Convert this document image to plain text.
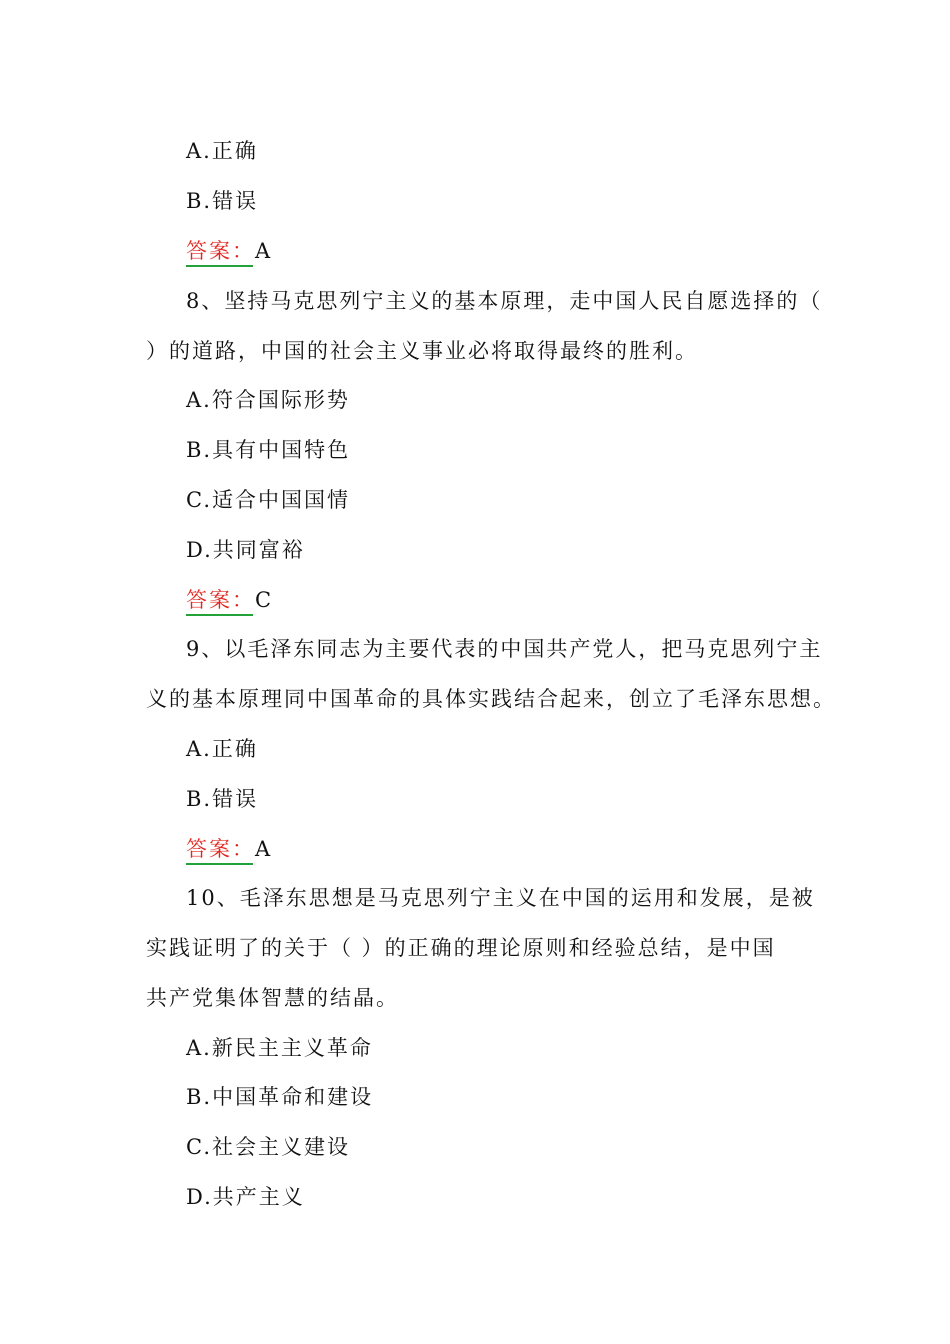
A.正确
B.错误
答案：A
8、坚持马克思列宁主义的基本原理，走中国人民自愿选择的（
）的道路，中国的社会主义事业必将取得最终的胜利。
A.符合国际形势
B.具有中国特色
C.适合中国国情
D.共同富裕
答案：C
9、以毛泽东同志为主要代表的中国共产党人，把马克思列宁主
义的基本原理同中国革命的具体实践结合起来，创立了毛泽东思想。
A.正确
B.错误
答案：A
10、毛泽东思想是马克思列宁主义在中国的运用和发展，是被
实践证明了的关于（ ）的正确的理论原则和经验总结，是中国
共产党集体智慧的结晶。
A.新民主主义革命
B.中国革命和建设
C.社会主义建设
D.共产主义
